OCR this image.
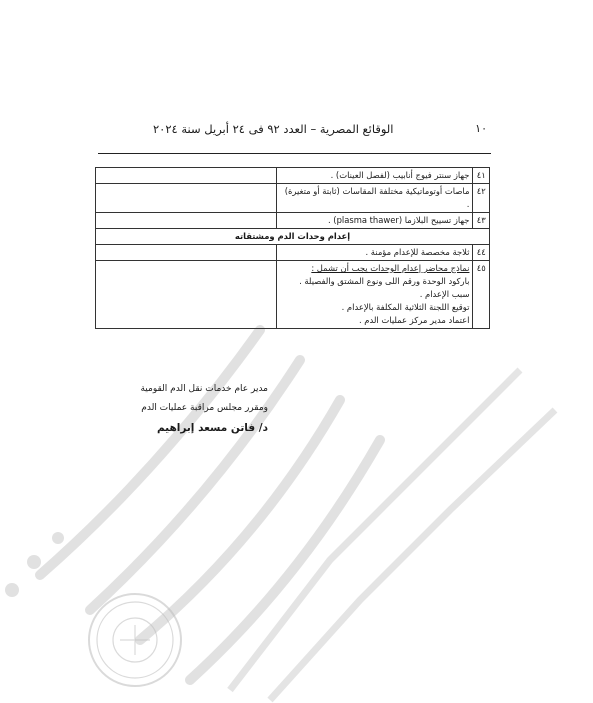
١٠
الوقائع المصرية – العدد ٩٢ فى ٢٤ أبريل سنة ٢٠٢٤
٤١	جهاز سنتر فيوج أنابيب (لفصل العينات) .	
٤٢	ماصات أوتوماتيكية مختلفة المقاسات (ثابتة أو متغيرة) .	
٤٣	جهاز تسييح البلازما (plasma thawer) .	
إعدام وحدات الدم ومشتقاته		
٤٤	ثلاجة مخصصة للإعدام مؤمنة .	
٤٥	نماذج محاضر إعدام الوحدات يجب أن تشمل :
باركود الوحدة ورقم اللى ونوع المشتق والفصيلة .
سبب الإعدام .
توقيع اللجنة الثلاثية المكلفة بالإعدام .
اعتماد مدير مركز عمليات الدم .	

مدير عام خدمات نقل الدم القومية
ومقرر مجلس مراقبة عمليات الدم
د/ فاتن مسعد إبراهيم
